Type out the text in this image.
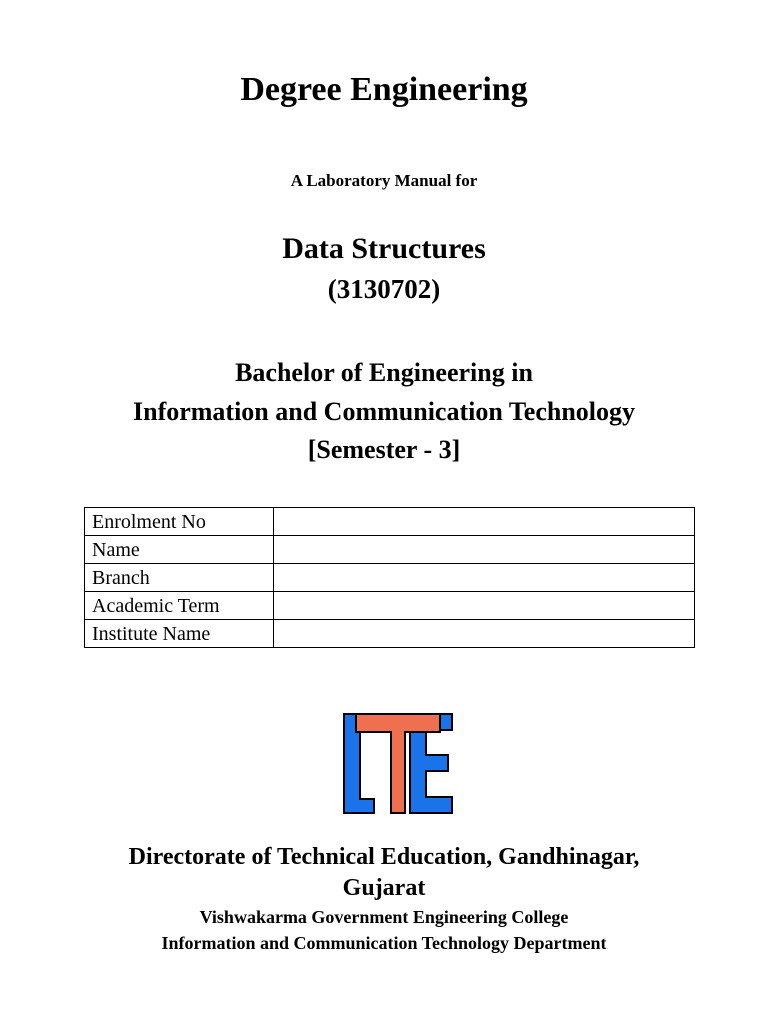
Degree Engineering
A Laboratory Manual for
Data Structures
(3130702)
Bachelor of Engineering in
Information and Communication Technology
[Semester - 3]
Enrolment No	
Name	
Branch	
Academic Term	
Institute Name	
Directorate of Technical Education, Gandhinagar,
Gujarat
Vishwakarma Government Engineering College
Information and Communication Technology Department
